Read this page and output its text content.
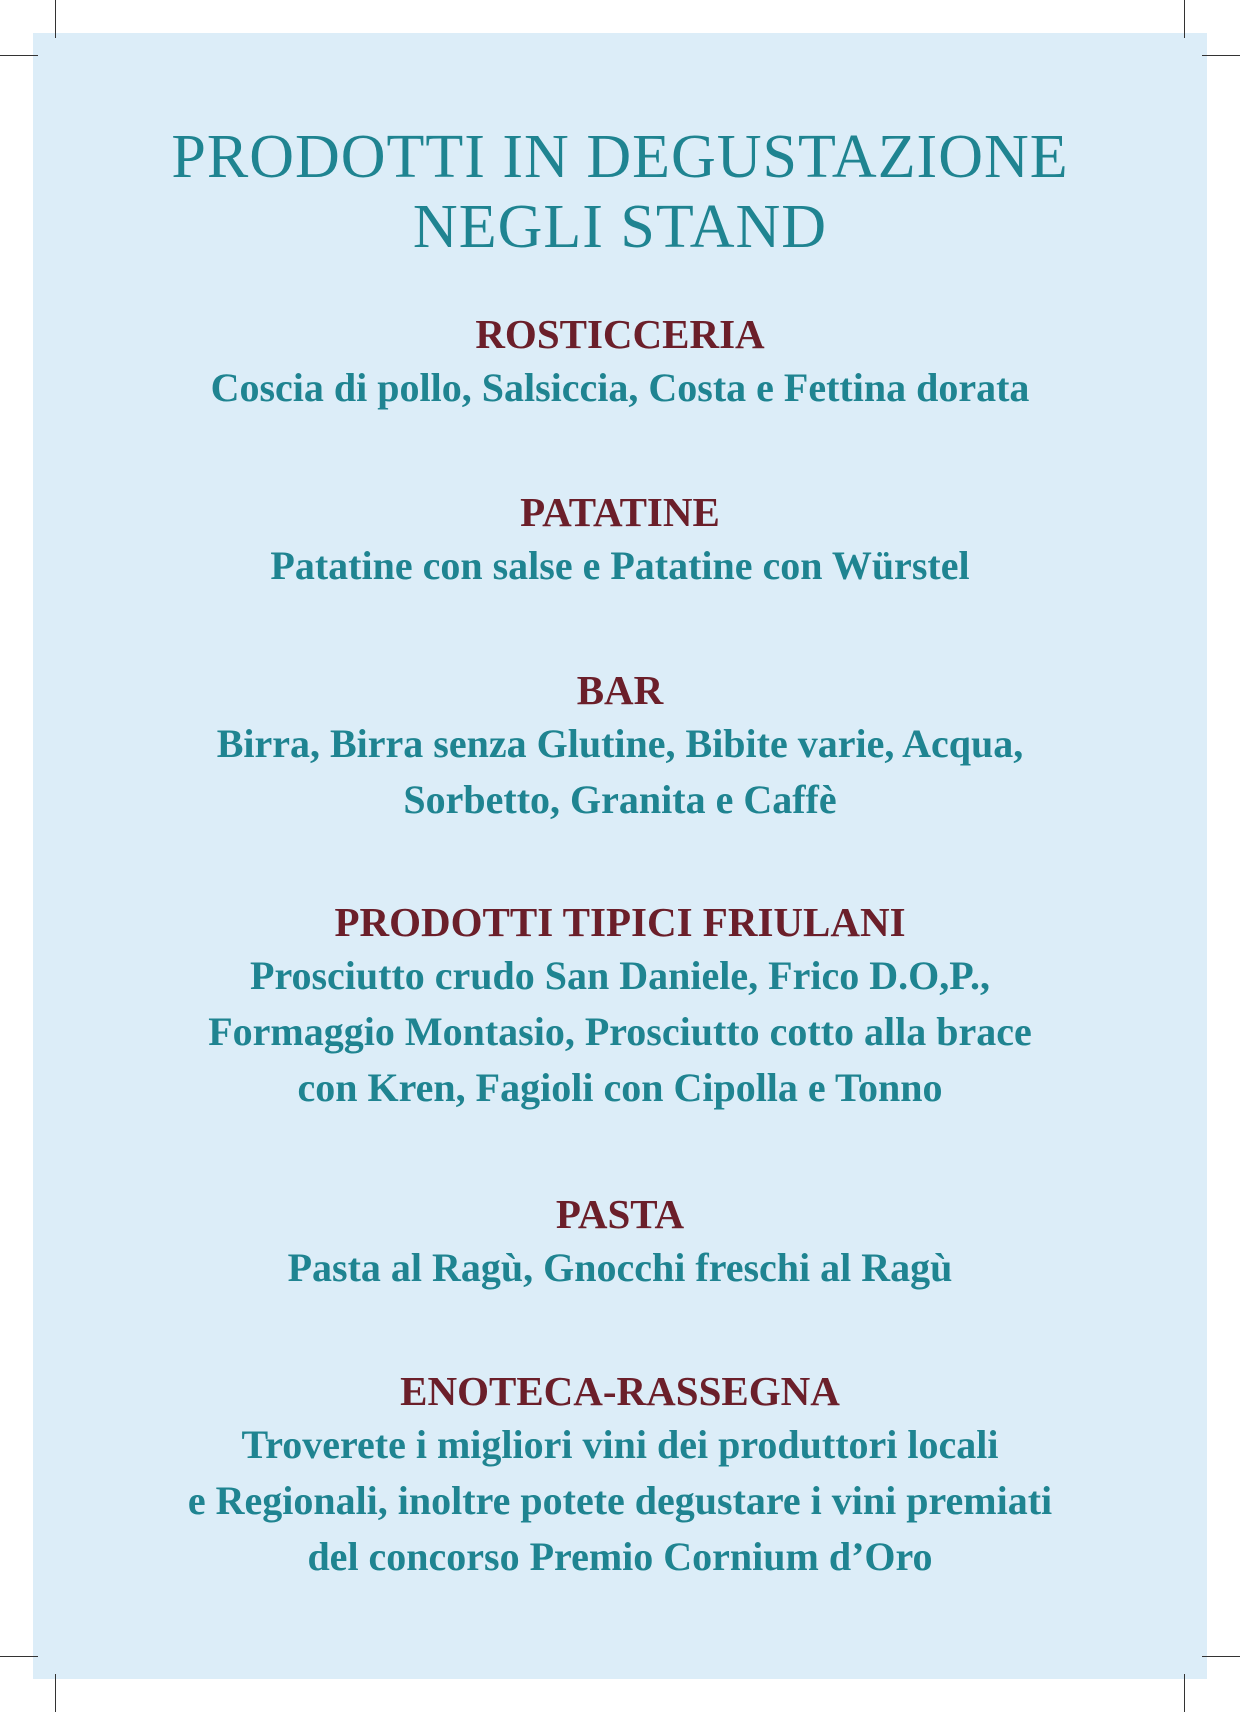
PRODOTTI IN DEGUSTAZIONE
NEGLI STAND
ROSTICCERIA
Coscia di pollo, Salsiccia, Costa e Fettina dorata
PATATINE
Patatine con salse e Patatine con Würstel
BAR
Birra, Birra senza Glutine, Bibite varie, Acqua,
Sorbetto, Granita e Caffè
PRODOTTI TIPICI FRIULANI
Prosciutto crudo San Daniele, Frico D.O,P.,
Formaggio Montasio, Prosciutto cotto alla brace
con Kren, Fagioli con Cipolla e Tonno
PASTA
Pasta al Ragù, Gnocchi freschi al Ragù
ENOTECA-RASSEGNA
Troverete i migliori vini dei produttori locali
e Regionali, inoltre potete degustare i vini premiati
del concorso Premio Cornium d’Oro
